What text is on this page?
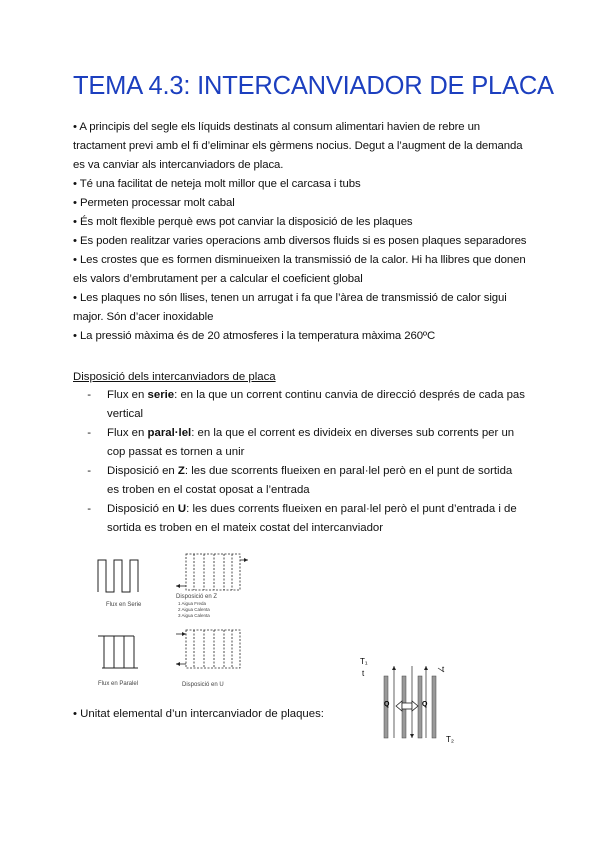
TEMA 4.3: INTERCANVIADOR DE PLACA

• A principis del segle els líquids destinats al consum alimentari havien de rebre un tractament previ amb el fi d’eliminar els gèrmens nocius. Degut a l’augment de la demanda es va canviar als intercanviadors de placa.

• Té una facilitat de neteja molt millor que el carcasa i tubs

• Permeten processar molt cabal

• És molt flexible perquè ews pot canviar la disposició de les plaques

• Es poden realitzar varies operacions amb diversos fluids si es posen plaques separadores

• Les crostes que es formen disminueixen la transmissió de la calor. Hi ha llibres que donen els valors d’embrutament per a calcular el coeficient global

• Les plaques no són llises, tenen un arrugat i fa que l’àrea de transmissió de calor sigui major. Són d’acer inoxidable

• La pressió màxima és de 20 atmosferes i la temperatura màxima 260ºC

Disposició dels intercanviadors de placa
-	Flux en serie: en la que un corrent continu canvia de direcció després de cada pas vertical
-	Flux en paral·lel: en la que el corrent es divideix en diverses sub corrents per un cop passat es tornen a unir
-	Disposició en Z: les due scorrents flueixen en paral·lel però en el punt de sortida es troben en el costat oposat a l’entrada
-	Disposició en U: les dues corrents flueixen en paral·lel però el punt d’entrada i de sortida es troben en el mateix costat del intercanviador
Flux en Serie
Flux en Paralel
Disposició en Z
1 Aigua Freda
2 Aigua Calenta
3 Aigua Calenta
Disposició en U
• Unitat elemental d’un intercanviador de plaques:
T₁
t	t
T₂
Q	Q
